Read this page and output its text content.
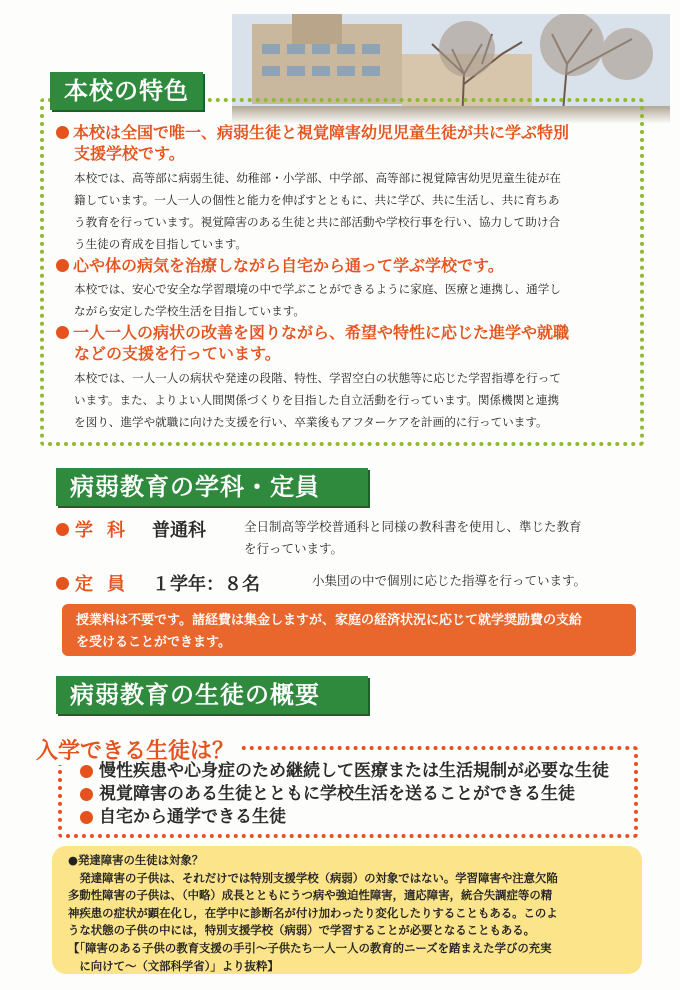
本校の特色
本校は全国で唯一、病弱生徒と視覚障害幼児児童生徒が共に学ぶ特別
支援学校です。
本校では、高等部に病弱生徒、幼稚部・小学部、中学部、高等部に視覚障害幼児児童生徒が在
籍しています。一人一人の個性と能力を伸ばすとともに、共に学び、共に生活し、共に育ちあ
う教育を行っています。視覚障害のある生徒と共に部活動や学校行事を行い、協力して助け合
う生徒の育成を目指しています。
心や体の病気を治療しながら自宅から通って学ぶ学校です。
本校では、安心で安全な学習環境の中で学ぶことができるように家庭、医療と連携し、通学し
ながら安定した学校生活を目指しています。
一人一人の病状の改善を図りながら、希望や特性に応じた進学や就職
などの支援を行っています。
本校では、一人一人の病状や発達の段階、特性、学習空白の状態等に応じた学習指導を行って
います。また、よりよい人間関係づくりを目指した自立活動を行っています。関係機関と連携
を図り、進学や就職に向けた支援を行い、卒業後もアフターケアを計画的に行っています。
病弱教育の学科・定員
学科 普通科	全日制高等学校普通科と同様の教科書を使用し、準じた教育
を行っています。
定員 １学年：８名	小集団の中で個別に応じた指導を行っています。
授業料は不要です。諸経費は集金しますが、家庭の経済状況に応じて就学奨励費の支給
を受けることができます。
病弱教育の生徒の概要
入学できる生徒は？
慢性疾患や心身症のため継続して医療または生活規制が必要な生徒
視覚障害のある生徒とともに学校生活を送ることができる生徒
自宅から通学できる生徒
●発達障害の生徒は対象？
　発達障害の子供は、それだけでは特別支援学校（病弱）の対象ではない。学習障害や注意欠陥
多動性障害の子供は、（中略）成長とともにうつ病や強迫性障害，適応障害，統合失調症等の精
神疾患の症状が顕在化し，在学中に診断名が付け加わったり変化したりすることもある。このよ
うな状態の子供の中には，特別支援学校（病弱）で学習することが必要となることもある。
【「障害のある子供の教育支援の手引～子供たち一人一人の教育的ニーズを踏まえた学びの充実
　に向けて～（文部科学省）」より抜粋】
